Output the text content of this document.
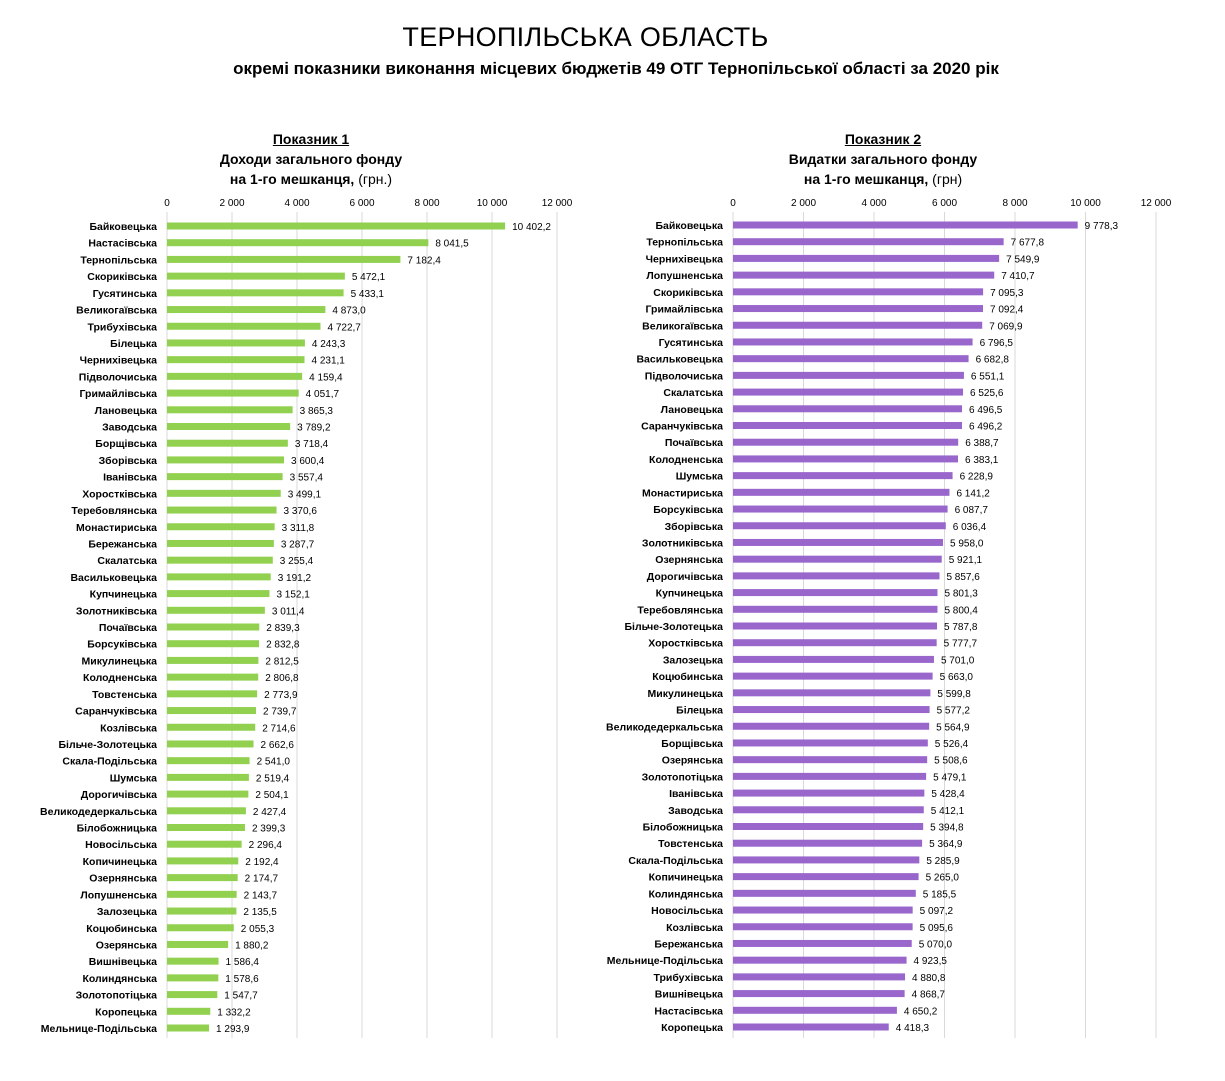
ТЕРНОПІЛЬСЬКА ОБЛАСТЬ
окремі показники виконання місцевих бюджетів 49 ОТГ Тернопільської області за 2020 рік
Показник 1
Доходи загального фонду
на 1-го мешканця, (грн.)
Показник 2
Видатки загального фонду
на 1-го мешканця, (грн)
0	2 000	4 000	6 000	8 000	10 000	12 000
Байковецька	10 402,2
Настасівська	8 041,5
Тернопільська	7 182,4
Скориківська	5 472,1
Гусятинська	5 433,1
Великогаївська	4 873,0
Трибухівська	4 722,7
Білецька	4 243,3
Чернихівецька	4 231,1
Підволочиська	4 159,4
Гримайлівська	4 051,7
Лановецька	3 865,3
Заводська	3 789,2
Борщівська	3 718,4
Зборівська	3 600,4
Іванівська	3 557,4
Хоростківська	3 499,1
Теребовлянська	3 370,6
Монастириська	3 311,8
Бережанська	3 287,7
Скалатська	3 255,4
Васильковецька	3 191,2
Купчинецька	3 152,1
Золотниківська	3 011,4
Почаївська	2 839,3
Борсуківська	2 832,8
Микулинецька	2 812,5
Колодненська	2 806,8
Товстенська	2 773,9
Саранчуківська	2 739,7
Козлівська	2 714,6
Більче-Золотецька	2 662,6
Скала-Подільська	2 541,0
Шумська	2 519,4
Дорогичівська	2 504,1
Великодедеркальська	2 427,4
Білобожницька	2 399,3
Новосільська	2 296,4
Копичинецька	2 192,4
Озернянська	2 174,7
Лопушненська	2 143,7
Залозецька	2 135,5
Коцюбинська	2 055,3
Озерянська	1 880,2
Вишнівецька	1 586,4
Колиндянська	1 578,6
Золотопотіцька	1 547,7
Коропецька	1 332,2
Мельнице-Подільська	1 293,9
0	2 000	4 000	6 000	8 000	10 000	12 000
Байковецька	9 778,3
Тернопільська	7 677,8
Чернихівецька	7 549,9
Лопушненська	7 410,7
Скориківська	7 095,3
Гримайлівська	7 092,4
Великогаївська	7 069,9
Гусятинська	6 796,5
Васильковецька	6 682,8
Підволочиська	6 551,1
Скалатська	6 525,6
Лановецька	6 496,5
Саранчуківська	6 496,2
Почаївська	6 388,7
Колодненська	6 383,1
Шумська	6 228,9
Монастириська	6 141,2
Борсуківська	6 087,7
Зборівська	6 036,4
Золотниківська	5 958,0
Озернянська	5 921,1
Дорогичівська	5 857,6
Купчинецька	5 801,3
Теребовлянська	5 800,4
Більче-Золотецька	5 787,8
Хоростківська	5 777,7
Залозецька	5 701,0
Коцюбинська	5 663,0
Микулинецька	5 599,8
Білецька	5 577,2
Великодедеркальська	5 564,9
Борщівська	5 526,4
Озерянська	5 508,6
Золотопотіцька	5 479,1
Іванівська	5 428,4
Заводська	5 412,1
Білобожницька	5 394,8
Товстенська	5 364,9
Скала-Подільська	5 285,9
Копичинецька	5 265,0
Колиндянська	5 185,5
Новосільська	5 097,2
Козлівська	5 095,6
Бережанська	5 070,0
Мельнице-Подільська	4 923,5
Трибухівська	4 880,8
Вишнівецька	4 868,7
Настасівська	4 650,2
Коропецька	4 418,3
